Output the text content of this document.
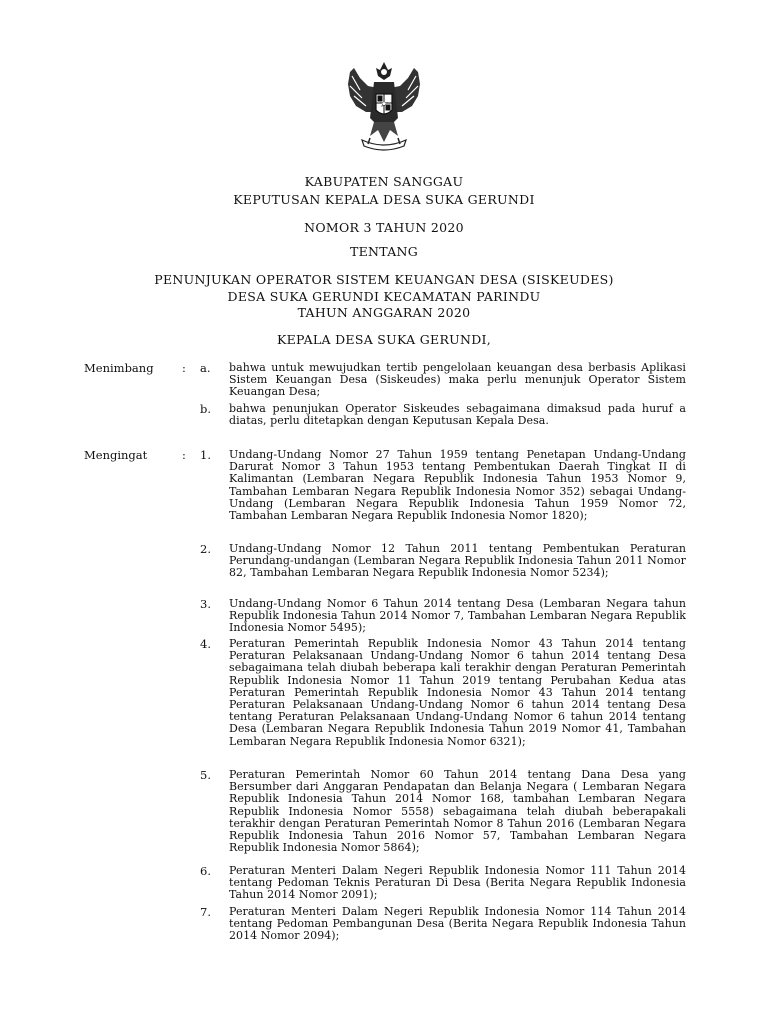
KABUPATEN SANGGAU
KEPUTUSAN KEPALA DESA SUKA GERUNDI
NOMOR 3 TAHUN 2020
TENTANG
PENUNJUKAN OPERATOR SISTEM KEUANGAN DESA (SISKEUDES)
DESA SUKA GERUNDI KECAMATAN PARINDU
TAHUN ANGGARAN 2020
KEPALA DESA SUKA GERUNDI,
Menimbang : a. bahwa untuk mewujudkan tertib pengelolaan keuangan desa berbasis Aplikasi Sistem Keuangan Desa (Siskeudes) maka perlu menunjuk Operator Sistem Keuangan Desa;
b. bahwa penunjukan Operator Siskeudes sebagaimana dimaksud pada huruf a diatas, perlu ditetapkan dengan Keputusan Kepala Desa.
Mengingat	: 1. Undang-Undang Nomor 27 Tahun 1959 tentang Penetapan Undang-Undang Darurat Nomor 3 Tahun 1953 tentang Pembentukan Daerah Tingkat II di Kalimantan (Lembaran Negara Republik Indonesia Tahun 1953 Nomor 9, Tambahan Lembaran Negara Republik Indonesia Nomor 352) sebagai Undang-Undang (Lembaran Negara Republik Indonesia Tahun 1959 Nomor 72, Tambahan Lembaran Negara Republik Indonesia Nomor 1820);
2. Undang-Undang Nomor 12 Tahun 2011 tentang Pembentukan Peraturan Perundang-undangan (Lembaran Negara Republik Indonesia Tahun 2011 Nomor 82, Tambahan Lembaran Negara Republik Indonesia Nomor 5234);
3. Undang-Undang Nomor 6 Tahun 2014 tentang Desa (Lembaran Negara tahun Republik Indonesia Tahun 2014 Nomor 7, Tambahan Lembaran Negara Republik Indonesia Nomor 5495);
4. Peraturan Pemerintah Republik Indonesia Nomor 43 Tahun 2014 tentang Peraturan Pelaksanaan Undang-Undang Nomor 6 tahun 2014 tentang Desa sebagaimana telah diubah beberapa kali terakhir dengan Peraturan Pemerintah Republik Indonesia Nomor 11 Tahun 2019 tentang Perubahan Kedua atas Peraturan Pemerintah Republik Indonesia Nomor 43 Tahun 2014 tentang Peraturan Pelaksanaan Undang-Undang Nomor 6 tahun 2014 tentang Desa tentang Peraturan Pelaksanaan Undang-Undang Nomor 6 tahun 2014 tentang Desa (Lembaran Negara Republik Indonesia Tahun 2019 Nomor 41, Tambahan Lembaran Negara Republik Indonesia Nomor 6321);
5. Peraturan Pemerintah Nomor 60 Tahun 2014 tentang Dana Desa yang Bersumber dari Anggaran Pendapatan dan Belanja Negara ( Lembaran Negara Republik Indonesia Tahun 2014 Nomor 168, tambahan Lembaran Negara Republik Indonesia Nomor 5558) sebagaimana telah diubah beberapakali terakhir dengan Peraturan Pemerintah Nomor 8 Tahun 2016 (Lembaran Negara Republik Indonesia Tahun 2016 Nomor 57, Tambahan Lembaran Negara Republik Indonesia Nomor 5864);
6. Peraturan Menteri Dalam Negeri Republik Indonesia Nomor 111 Tahun 2014 tentang Pedoman Teknis Peraturan Di Desa (Berita Negara Republik Indonesia Tahun 2014 Nomor 2091);
7. Peraturan Menteri Dalam Negeri Republik Indonesia Nomor 114 Tahun 2014 tentang Pedoman Pembangunan Desa (Berita Negara Republik Indonesia Tahun 2014 Nomor 2094);
